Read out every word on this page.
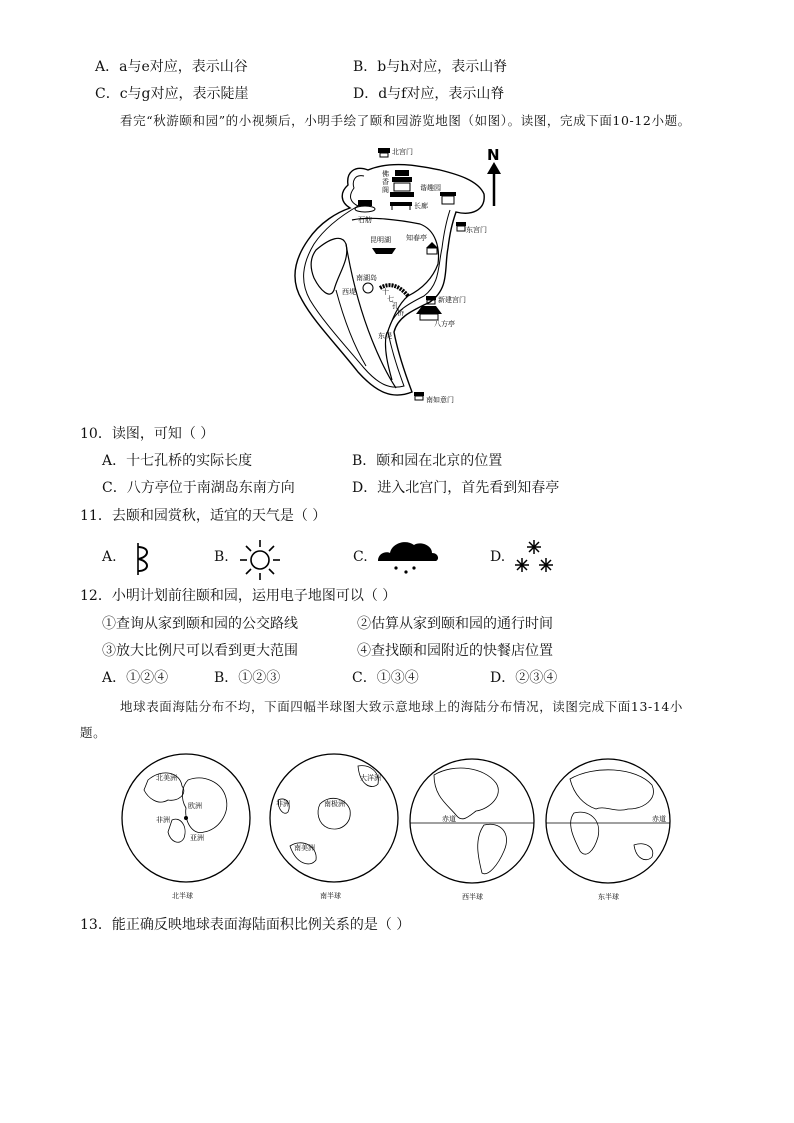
A．a与e对应，表示山谷	B．b与h对应，表示山脊
C．c与g对应，表示陡崖	D．d与f对应，表示山脊
看完“秋游颐和园”的小视频后，小明手绘了颐和园游览地图（如图）。读图，完成下面10-12小题。
N
北宫门
佛
香
阁	谐趣园
长廊
石舫
东宫门
昆明湖 知春亭
南湖岛
西堤	十
七
孔
桥
新建宫门
八方亭
东堤
南如意门
10．读图，可知（ ）
A．十七孔桥的实际长度	B．颐和园在北京的位置
C．八方亭位于南湖岛东南方向	D．进入北宫门，首先看到知春亭
11．去颐和园赏秋，适宜的天气是（ ）
A.	B.	C.	D.
12．小明计划前往颐和园，运用电子地图可以（ ）
①查询从家到颐和园的公交路线	②估算从家到颐和园的通行时间
③放大比例尺可以看到更大范围	④查找颐和园附近的快餐店位置
A．①②④	B．①②③	C．①③④	D．②③④
地球表面海陆分布不均，下面四幅半球图大致示意地球上的海陆分布情况，读图完成下面13-14小
题。
北美洲
欧洲
亚洲
非洲
北半球
非洲	南极洲
南美洲
大洋洲
南半球	西半球
赤道
东半球
赤道
13．能正确反映地球表面海陆面积比例关系的是（ ）
